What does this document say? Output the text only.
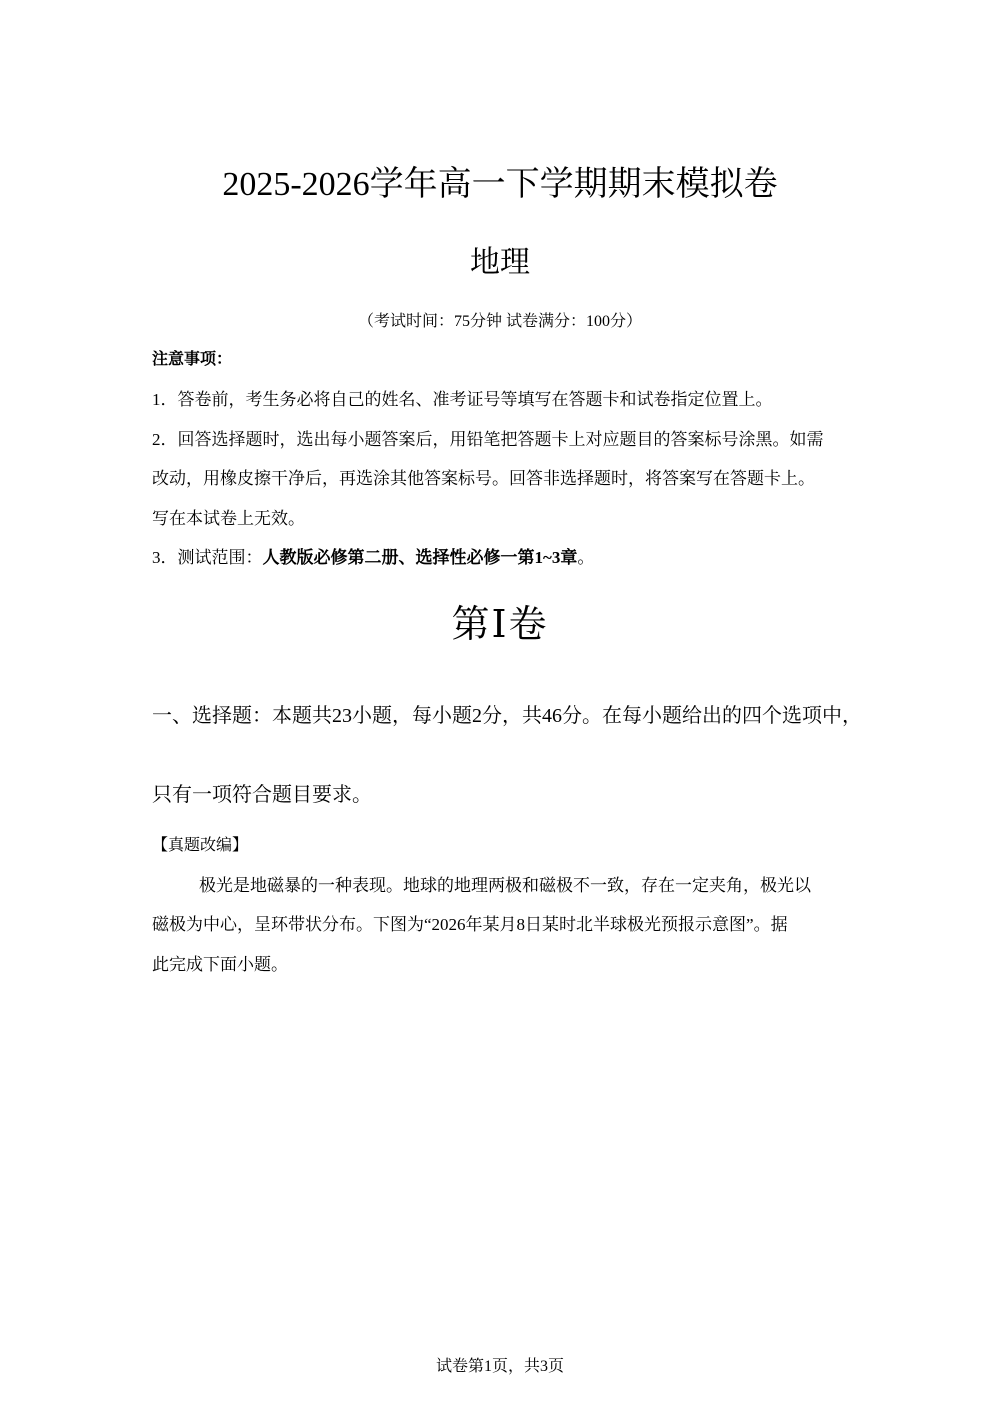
2025-2026学年高一下学期期末模拟卷
地理
（考试时间：75分钟 试卷满分：100分）
注意事项：
1．答卷前，考生务必将自己的姓名、准考证号等填写在答题卡和试卷指定位置上。
2．回答选择题时，选出每小题答案后，用铅笔把答题卡上对应题目的答案标号涂黑。如需
改动，用橡皮擦干净后，再选涂其他答案标号。回答非选择题时，将答案写在答题卡上。
写在本试卷上无效。
3．测试范围：人教版必修第二册、选择性必修一第1~3章。
第Ⅰ卷
一、选择题：本题共23小题，每小题2分，共46分。在每小题给出的四个选项中，
只有一项符合题目要求。
【真题改编】
极光是地磁暴的一种表现。地球的地理两极和磁极不一致，存在一定夹角，极光以
磁极为中心，呈环带状分布。下图为“2026年某月8日某时北半球极光预报示意图”。据
此完成下面小题。
试卷第1页，共3页
